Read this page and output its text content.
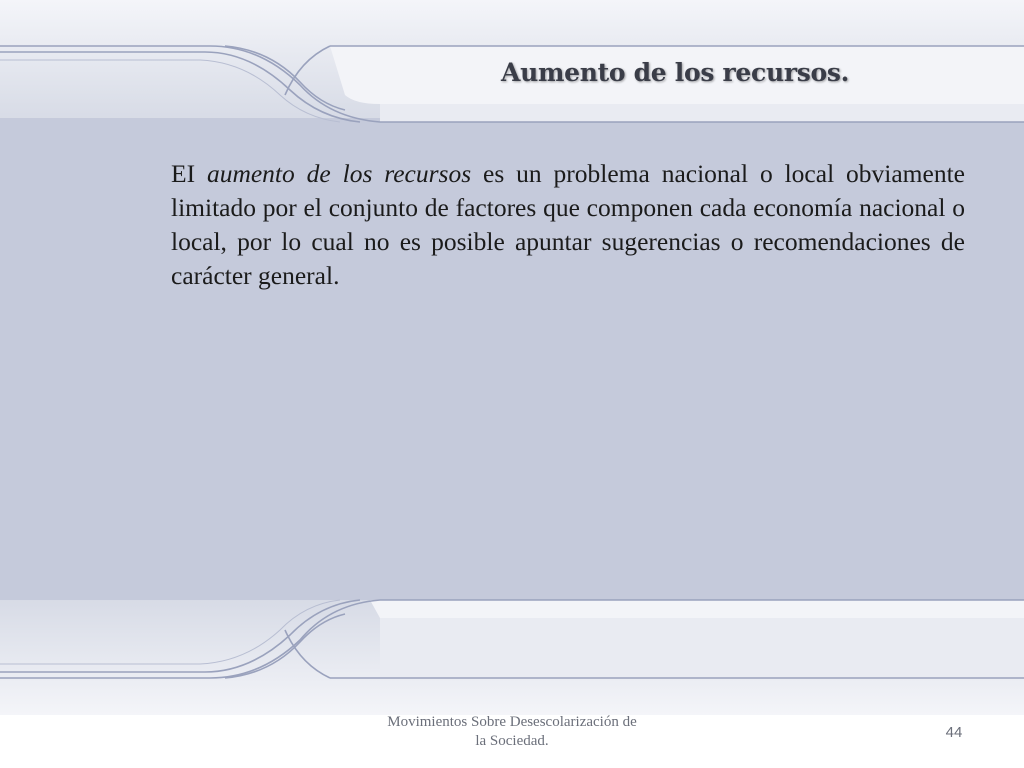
Aumento de los recursos.
EI aumento de los recursos es un problema nacional o local obviamente limitado por el conjunto de factores que componen cada economía nacional o local, por lo cual no es posible apuntar sugerencias o recomendaciones de carácter general.
Movimientos Sobre Desescolarización de
la Sociedad.	44
